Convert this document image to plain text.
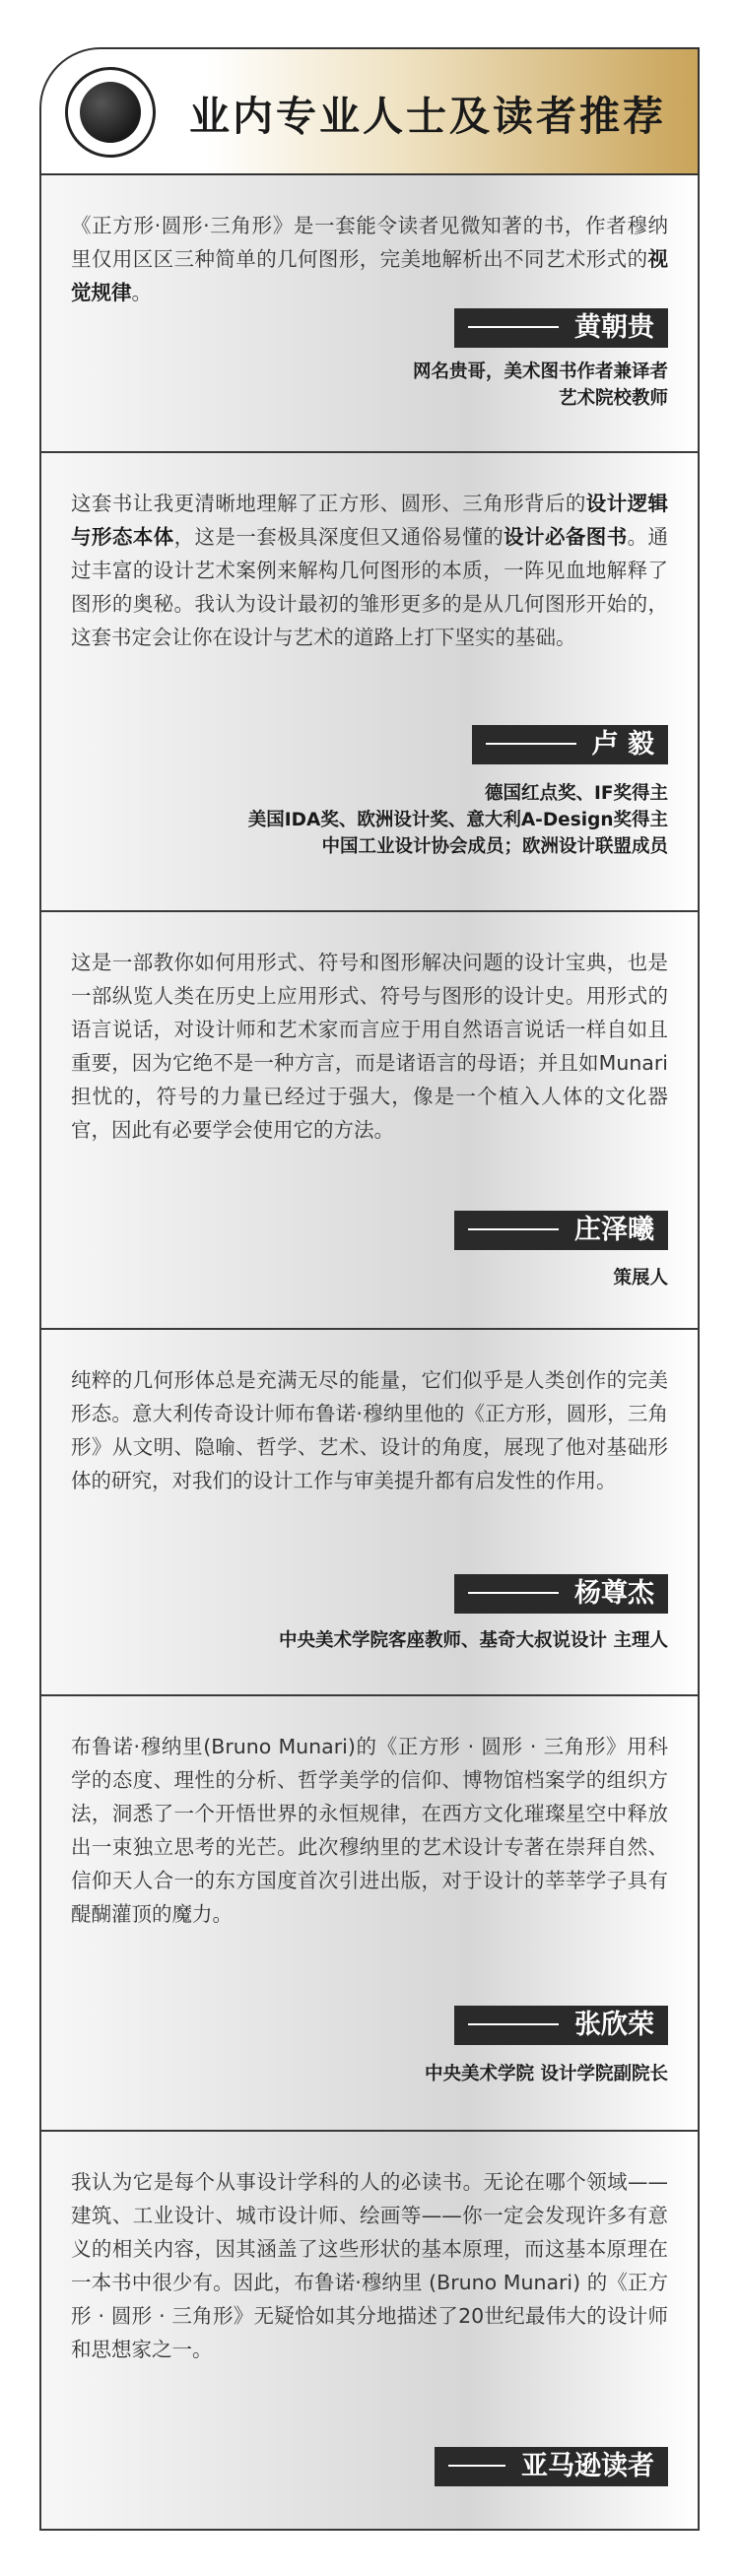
业内专业人士及读者推荐
《正方形·圆形·三角形》是一套能令读者见微知著的书，作者穆纳里仅用区区三种简单的几何图形，完美地解析出不同艺术形式的视觉规律。
黄朝贵
网名贵哥，美术图书作者兼译者
艺术院校教师
这套书让我更清晰地理解了正方形、圆形、三角形背后的设计逻辑与形态本体，这是一套极具深度但又通俗易懂的设计必备图书。通过丰富的设计艺术案例来解构几何图形的本质，一阵见血地解释了图形的奥秘。我认为设计最初的雏形更多的是从几何图形开始的，这套书定会让你在设计与艺术的道路上打下坚实的基础。
卢 毅
德国红点奖、IF奖得主
美国IDA奖、欧洲设计奖、意大利A-Design奖得主
中国工业设计协会成员；欧洲设计联盟成员
这是一部教你如何用形式、符号和图形解决问题的设计宝典，也是一部纵览人类在历史上应用形式、符号与图形的设计史。用形式的语言说话，对设计师和艺术家而言应于用自然语言说话一样自如且重要，因为它绝不是一种方言，而是诸语言的母语；并且如Munari担忧的，符号的力量已经过于强大，像是一个植入人体的文化器官，因此有必要学会使用它的方法。
庄泽曦
策展人
纯粹的几何形体总是充满无尽的能量，它们似乎是人类创作的完美形态。意大利传奇设计师布鲁诺·穆纳里他的《正方形，圆形，三角形》从文明、隐喻、哲学、艺术、设计的角度，展现了他对基础形体的研究，对我们的设计工作与审美提升都有启发性的作用。
杨尊杰
中央美术学院客座教师、基奇大叔说设计 主理人
布鲁诺·穆纳里(Bruno Munari)的《正方形 · 圆形 · 三角形》用科学的态度、理性的分析、哲学美学的信仰、博物馆档案学的组织方法，洞悉了一个开悟世界的永恒规律，在西方文化璀璨星空中释放出一束独立思考的光芒。此次穆纳里的艺术设计专著在崇拜自然、信仰天人合一的东方国度首次引进出版，对于设计的莘莘学子具有醍醐灌顶的魔力。
张欣荣
中央美术学院 设计学院副院长
我认为它是每个从事设计学科的人的必读书。无论在哪个领域——建筑、工业设计、城市设计师、绘画等——你一定会发现许多有意义的相关内容，因其涵盖了这些形状的基本原理，而这基本原理在一本书中很少有。因此，布鲁诺·穆纳里 (Bruno Munari) 的《正方形 · 圆形 · 三角形》无疑恰如其分地描述了20世纪最伟大的设计师和思想家之一。
亚马逊读者
